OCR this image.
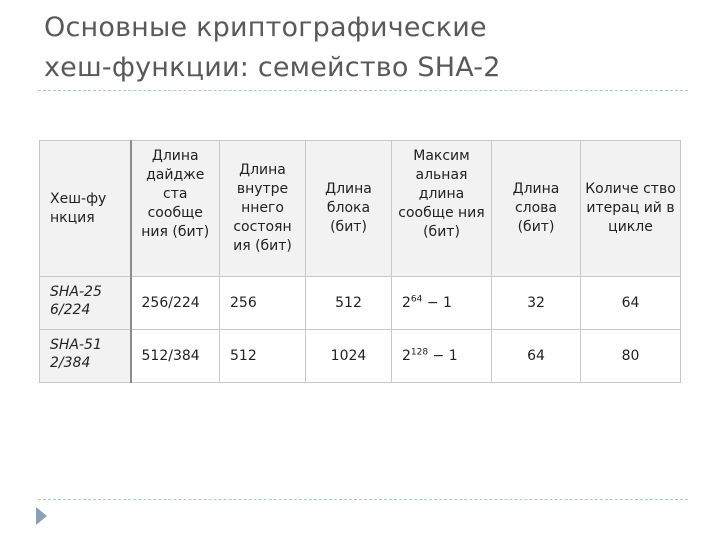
Основные криптографические
хеш-функции: семейство SHA-2
Хеш-фу нкция	Длина дайдже ста сообще ния (бит)	Длина внутре ннего состоян ия (бит)	Длина блока (бит)	Максим альная длина сообще ния (бит)	Длина слова (бит)	Количе ство итерац ий в цикле
SHA-25 6/224	256/224	256	512	$2^{64} - 1$	32	64
SHA-51 2/384	512/384	512	1024	$2^{128} - 1$	64	80
